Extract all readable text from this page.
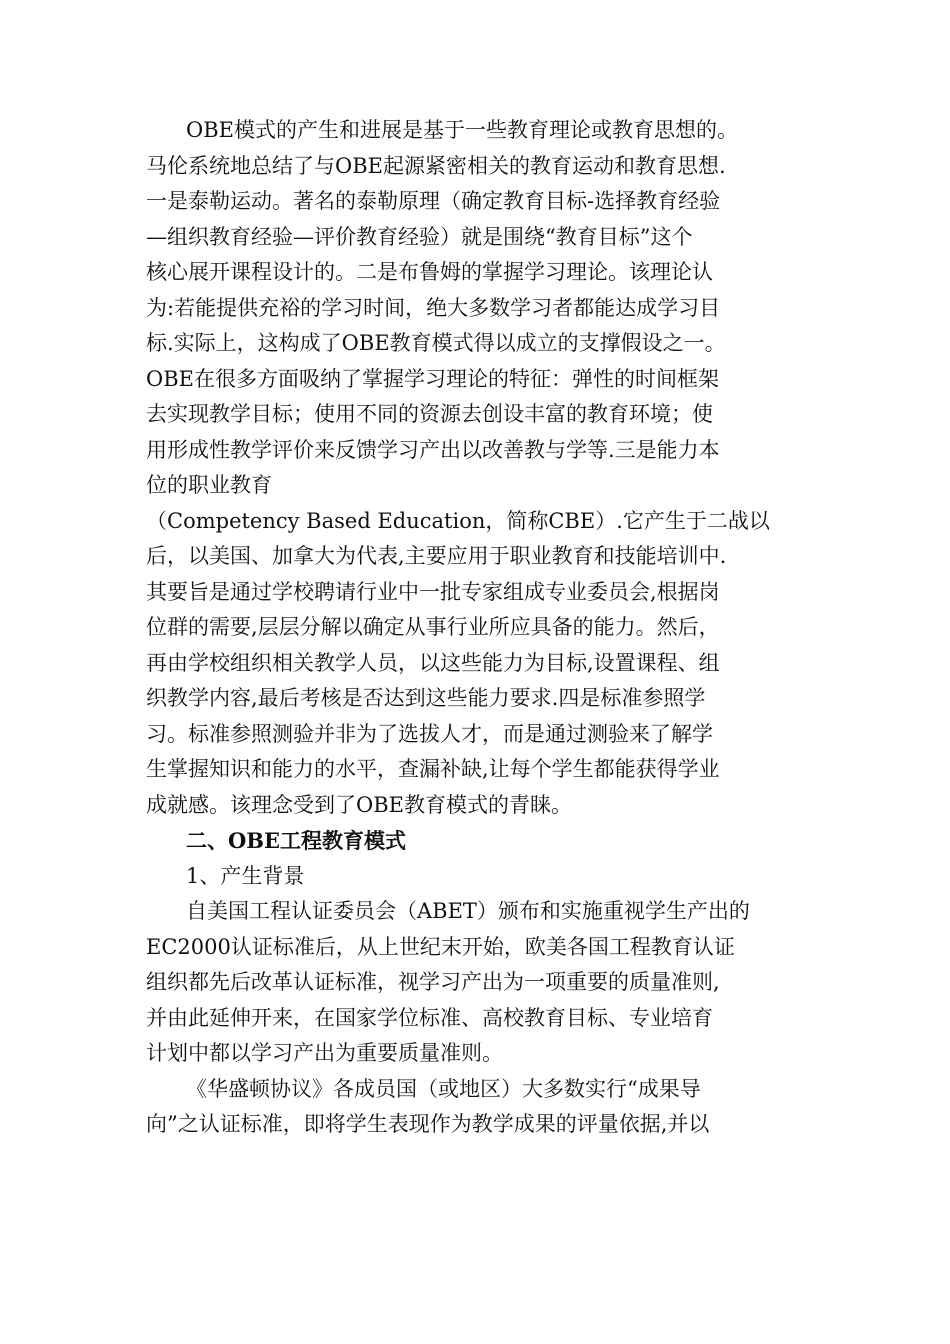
OBE模式的产生和进展是基于一些教育理论或教育思想的。
马伦系统地总结了与OBE起源紧密相关的教育运动和教育思想.
一是泰勒运动。著名的泰勒原理（确定教育目标-选择教育经验
—组织教育经验—评价教育经验）就是围绕“教育目标”这个
核心展开课程设计的。二是布鲁姆的掌握学习理论。该理论认
为:若能提供充裕的学习时间，绝大多数学习者都能达成学习目
标.实际上，这构成了OBE教育模式得以成立的支撑假设之一。
OBE在很多方面吸纳了掌握学习理论的特征：弹性的时间框架
去实现教学目标；使用不同的资源去创设丰富的教育环境；使
用形成性教学评价来反馈学习产出以改善教与学等.三是能力本
位的职业教育
（Competency Based Education，简称CBE）.它产生于二战以
后，以美国、加拿大为代表,主要应用于职业教育和技能培训中.
其要旨是通过学校聘请行业中一批专家组成专业委员会,根据岗
位群的需要,层层分解以确定从事行业所应具备的能力。然后，
再由学校组织相关教学人员，以这些能力为目标,设置课程、组
织教学内容,最后考核是否达到这些能力要求.四是标准参照学
习。标准参照测验并非为了选拔人才，而是通过测验来了解学
生掌握知识和能力的水平，查漏补缺,让每个学生都能获得学业
成就感。该理念受到了OBE教育模式的青睐。
二、OBE工程教育模式
1、产生背景
自美国工程认证委员会（ABET）颁布和实施重视学生产出的
EC2000认证标准后，从上世纪末开始，欧美各国工程教育认证
组织都先后改革认证标准，视学习产出为一项重要的质量准则,
并由此延伸开来，在国家学位标准、高校教育目标、专业培育
计划中都以学习产出为重要质量准则。
《华盛顿协议》各成员国（或地区）大多数实行“成果导
向”之认证标准，即将学生表现作为教学成果的评量依据,并以
